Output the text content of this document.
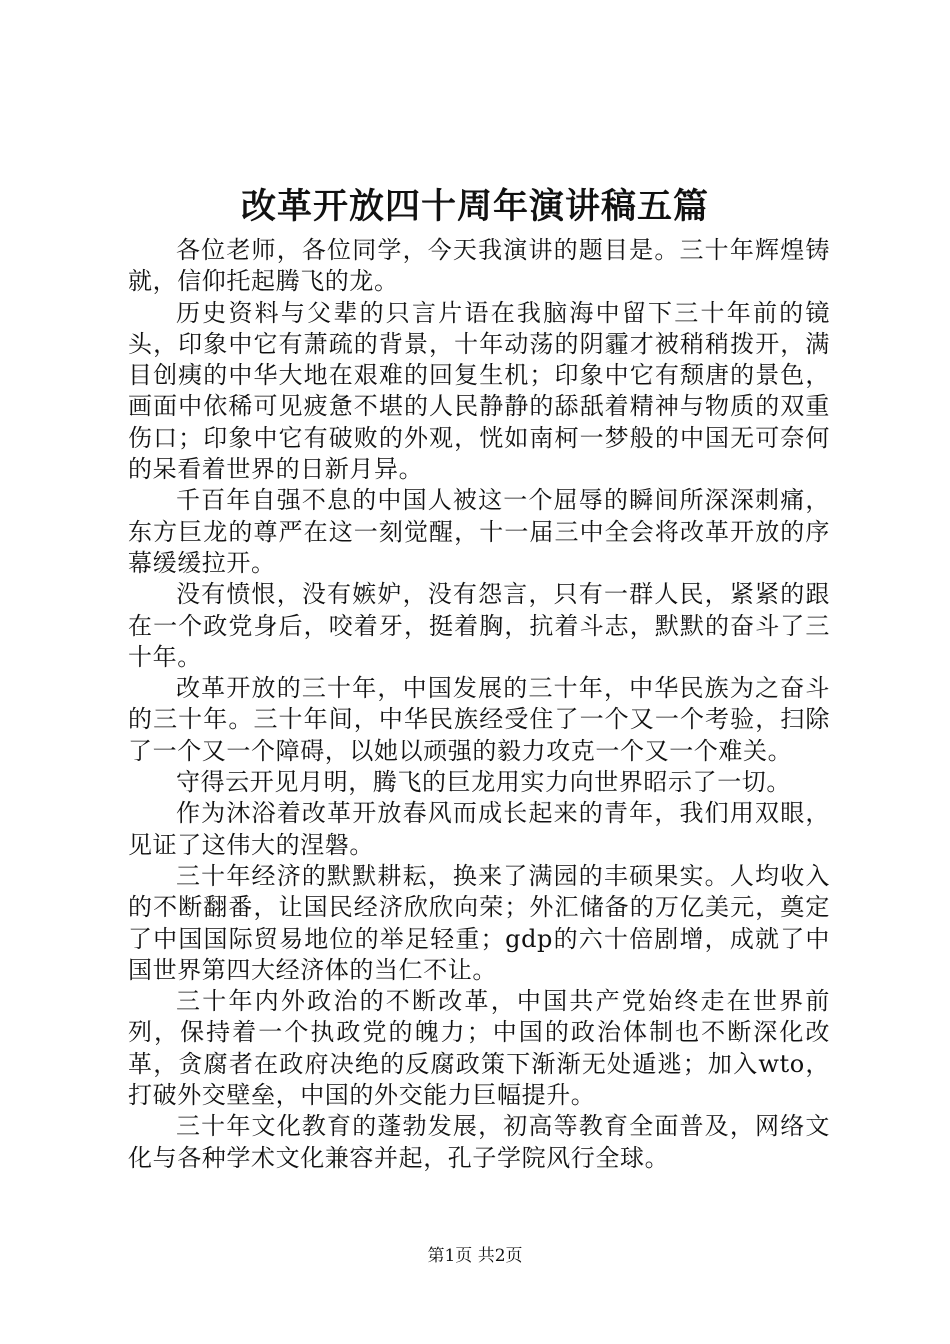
改革开放四十周年演讲稿五篇

各位老师，各位同学，今天我演讲的题目是。三十年辉煌铸就，信仰托起腾飞的龙。

历史资料与父辈的只言片语在我脑海中留下三十年前的镜头，印象中它有萧疏的背景，十年动荡的阴霾才被稍稍拨开，满目创痍的中华大地在艰难的回复生机；印象中它有颓唐的景色，画面中依稀可见疲惫不堪的人民静静的舔舐着精神与物质的双重伤口；印象中它有破败的外观，恍如南柯一梦般的中国无可奈何的呆看着世界的日新月异。

千百年自强不息的中国人被这一个屈辱的瞬间所深深刺痛，东方巨龙的尊严在这一刻觉醒，十一届三中全会将改革开放的序幕缓缓拉开。

没有愤恨，没有嫉妒，没有怨言，只有一群人民，紧紧的跟在一个政党身后，咬着牙，挺着胸，抗着斗志，默默的奋斗了三十年。

改革开放的三十年，中国发展的三十年，中华民族为之奋斗的三十年。三十年间，中华民族经受住了一个又一个考验，扫除了一个又一个障碍，以她以顽强的毅力攻克一个又一个难关。

守得云开见月明，腾飞的巨龙用实力向世界昭示了一切。

作为沐浴着改革开放春风而成长起来的青年，我们用双眼，见证了这伟大的涅磐。

三十年经济的默默耕耘，换来了满园的丰硕果实。人均收入的不断翻番，让国民经济欣欣向荣；外汇储备的万亿美元，奠定了中国国际贸易地位的举足轻重；gdp的六十倍剧增，成就了中国世界第四大经济体的当仁不让。

三十年内外政治的不断改革，中国共产党始终走在世界前列，保持着一个执政党的魄力；中国的政治体制也不断深化改革，贪腐者在政府决绝的反腐政策下渐渐无处遁逃；加入wto，打破外交壁垒，中国的外交能力巨幅提升。

三十年文化教育的蓬勃发展，初高等教育全面普及，网络文化与各种学术文化兼容并起，孔子学院风行全球。

第1页 共2页
